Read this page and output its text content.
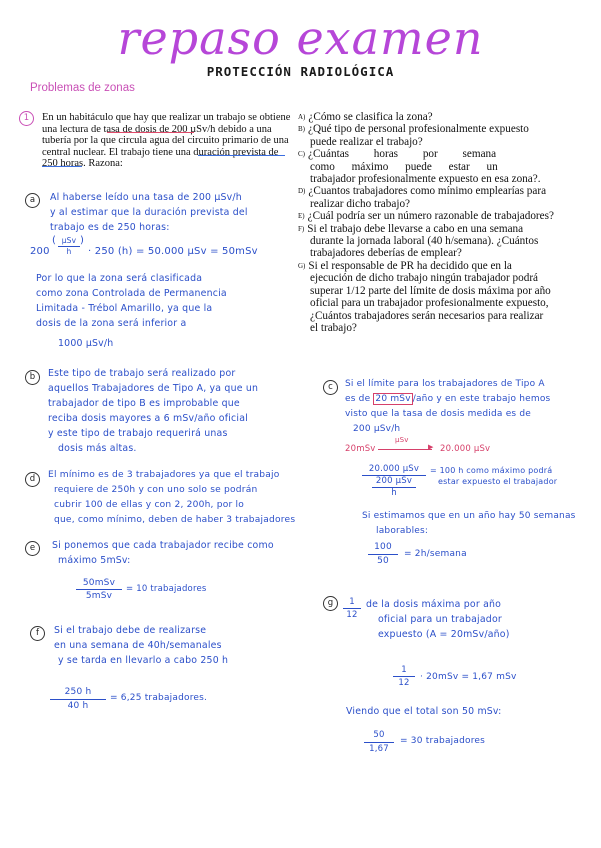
repaso examen
PROTECCIÓN RADIOLÓGICA
Problemas de zonas
1	En un habitáculo que hay que realizar un trabajo se obtiene

una lectura de tasa de dosis de 200 µSv/h debido a una

tubería por la que circula agua del circuito primario de una

central nuclear. El trabajo tiene una duración prevista de

250 horas. Razona:

A) ¿Cómo se clasifica la zona?

B) ¿Qué tipo de personal profesionalmente expuesto

puede realizar el trabajo?

C) ¿Cuántas horas por semana

como máximo puede estar un

trabajador profesionalmente expuesto en esa zona?.

D) ¿Cuantos trabajadores como mínimo emplearías para

realizar dicho trabajo?

E) ¿Cuál podría ser un número razonable de trabajadores?

F) Si el trabajo debe llevarse a cabo en una semana

durante la jornada laboral (40 h/semana). ¿Cuántos

trabajadores deberías de emplear?

G) Si el responsable de PR ha decidido que en la

ejecución de dicho trabajo ningún trabajador podrá

superar 1/12 parte del límite de dosis máxima por año

oficial para un trabajador profesionalmente expuesto,

¿Cuántos trabajadores serán necesarios para realizar

el trabajo?

a	Al haberse leído una tasa de 200 µSv/h

y al estimar que la duración prevista del

trabajo es de 250 horas:

200
( µSv
h
)
· 250 (h) = 50.000 µSv = 50mSv

Por lo que la zona será clasificada

como zona Controlada de Permanencia

Limitada - Trébol Amarillo, ya que la

dosis de la zona será inferior a

1000 µSv/h
b	Este tipo de trabajo será realizado por

aquellos Trabajadores de Tipo A, ya que un

trabajador de tipo B es improbable que

reciba dosis mayores a 6 mSv/año oficial

y este tipo de trabajo requerirá unas

dosis más altas.

c	Si el límite para los trabajadores de Tipo A

es de 20 mSv /año y en este trabajo hemos

visto que la tasa de dosis medida es de

200 µSv/h

20mSv
µSv
▶ 20.000 µSv
20.000 µSv
200 µSv
h

= 100 h como máximo podrá

estar expuesto el trabajador

Si estimamos que en un año hay 50 semanas

laborables:

$\frac{100}{50}$ = 2h/semana
d	El mínimo es de 3 trabajadores ya que el trabajo

requiere de 250h y con uno solo se podrán

cubrir 100 de ellas y con 2, 200h, por lo

que, como mínimo, deben de haber 3 trabajadores

e	Si ponemos que cada trabajador recibe como

máximo 5mSv:

50mSv
5mSv
= 10 trabajadores
f	Si el trabajo debe de realizarse

en una semana de 40h/semanales

y se tarda en llevarlo a cabo 250 h

$\frac{250 h}{40 h} = 6,25$ trabajadores.
g	$\frac{1}{12}$ de la dosis máxima por año

oficial para un trabajador

expuesto (A = 20mSv/año)

$\frac{1}{12} \cdot 20mSv = 1,67$ mSv
Viendo que el total son 50 mSv:
$\frac{50}{1,67} = 30$ trabajadores
